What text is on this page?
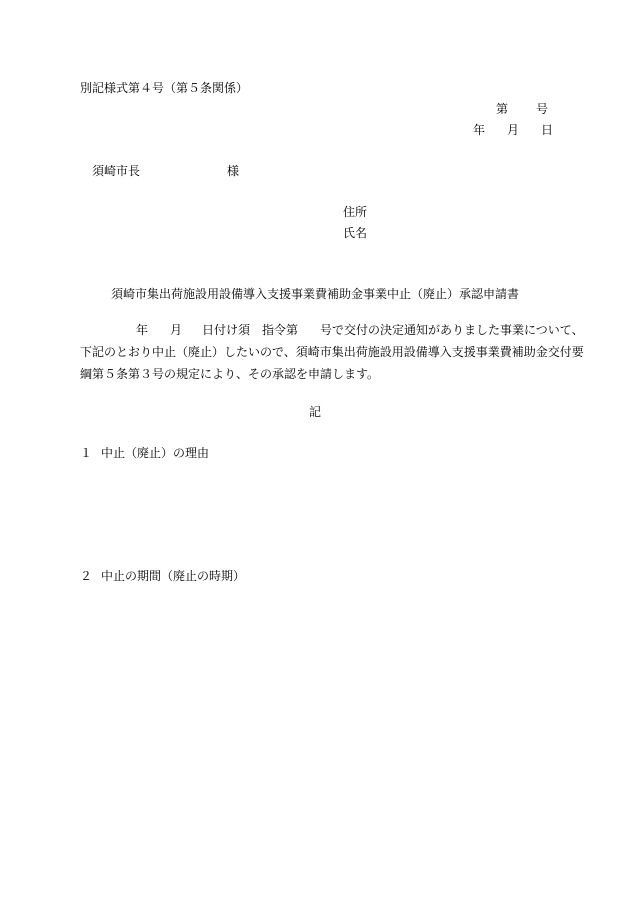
別記様式第４号（第５条関係）
第 号
年 月 日
須崎市長	様
住所
氏名
須崎市集出荷施設用設備導入支援事業費補助金事業中止（廃止）承認申請書
年 月 日付け須　指令第 号で交付の決定通知がありました事業について、
下記のとおり中止（廃止）したいので、須崎市集出荷施設用設備導入支援事業費補助金交付要
綱第５条第３号の規定により、その承認を申請します。
記
１ 中止（廃止）の理由
２ 中止の期間（廃止の時期）
